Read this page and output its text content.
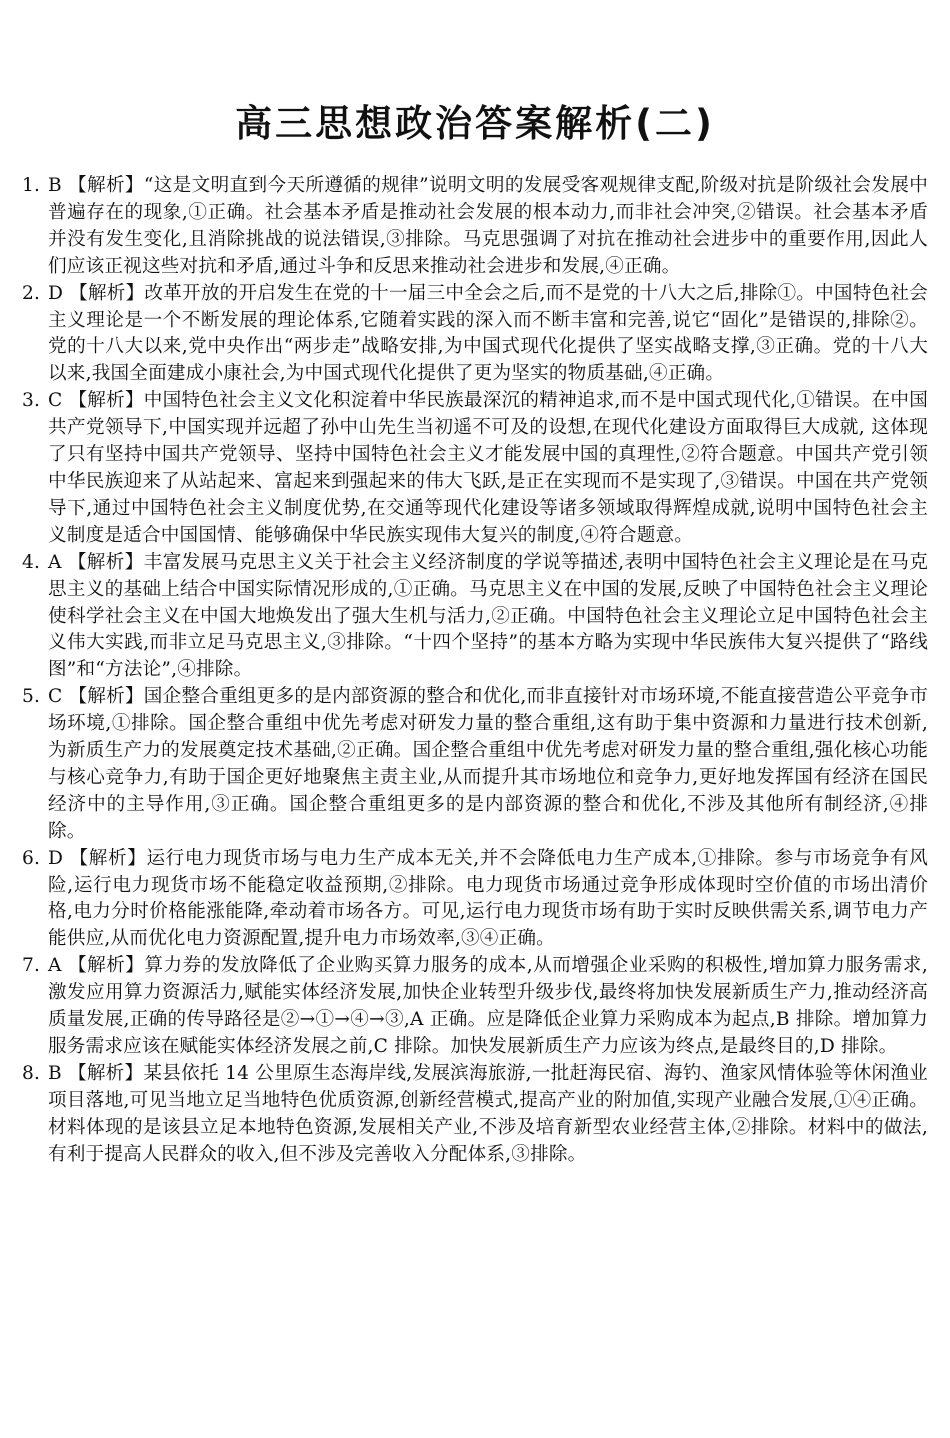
高三思想政治答案解析(二)
1. B 【解析】“这是文明直到今天所遵循的规律”说明文明的发展受客观规律支配,阶级对抗是阶级社会发展中普遍存在的现象,①正确。社会基本矛盾是推动社会发展的根本动力,而非社会冲突,②错误。社会基本矛盾并没有发生变化,且消除挑战的说法错误,③排除。马克思强调了对抗在推动社会进步中的重要作用,因此人们应该正视这些对抗和矛盾,通过斗争和反思来推动社会进步和发展,④正确。
2. D 【解析】改革开放的开启发生在党的十一届三中全会之后,而不是党的十八大之后,排除①。中国特色社会主义理论是一个不断发展的理论体系,它随着实践的深入而不断丰富和完善,说它“固化”是错误的,排除②。党的十八大以来,党中央作出“两步走”战略安排,为中国式现代化提供了坚实战略支撑,③正确。党的十八大以来,我国全面建成小康社会,为中国式现代化提供了更为坚实的物质基础,④正确。
3. C 【解析】中国特色社会主义文化积淀着中华民族最深沉的精神追求,而不是中国式现代化,①错误。在中国共产党领导下,中国实现并远超了孙中山先生当初遥不可及的设想,在现代化建设方面取得巨大成就, 这体现了只有坚持中国共产党领导、坚持中国特色社会主义才能发展中国的真理性,②符合题意。中国共产党引领中华民族迎来了从站起来、富起来到强起来的伟大飞跃,是正在实现而不是实现了,③错误。中国在共产党领导下,通过中国特色社会主义制度优势,在交通等现代化建设等诸多领域取得辉煌成就,说明中国特色社会主义制度是适合中国国情、能够确保中华民族实现伟大复兴的制度,④符合题意。
4. A 【解析】丰富发展马克思主义关于社会主义经济制度的学说等描述,表明中国特色社会主义理论是在马克思主义的基础上结合中国实际情况形成的,①正确。马克思主义在中国的发展,反映了中国特色社会主义理论使科学社会主义在中国大地焕发出了强大生机与活力,②正确。中国特色社会主义理论立足中国特色社会主义伟大实践,而非立足马克思主义,③排除。“十四个坚持”的基本方略为实现中华民族伟大复兴提供了“路线图”和“方法论”,④排除。
5. C 【解析】国企整合重组更多的是内部资源的整合和优化,而非直接针对市场环境,不能直接营造公平竞争市场环境,①排除。国企整合重组中优先考虑对研发力量的整合重组,这有助于集中资源和力量进行技术创新,为新质生产力的发展奠定技术基础,②正确。国企整合重组中优先考虑对研发力量的整合重组,强化核心功能与核心竞争力,有助于国企更好地聚焦主责主业,从而提升其市场地位和竞争力,更好地发挥国有经济在国民经济中的主导作用,③正确。国企整合重组更多的是内部资源的整合和优化,不涉及其他所有制经济,④排除。
6. D 【解析】运行电力现货市场与电力生产成本无关,并不会降低电力生产成本,①排除。参与市场竞争有风险,运行电力现货市场不能稳定收益预期,②排除。电力现货市场通过竞争形成体现时空价值的市场出清价格,电力分时价格能涨能降,牵动着市场各方。可见,运行电力现货市场有助于实时反映供需关系,调节电力产能供应,从而优化电力资源配置,提升电力市场效率,③④正确。
7. A 【解析】算力券的发放降低了企业购买算力服务的成本,从而增强企业采购的积极性,增加算力服务需求,激发应用算力资源活力,赋能实体经济发展,加快企业转型升级步伐,最终将加快发展新质生产力,推动经济高质量发展,正确的传导路径是②→①→④→③,A 正确。应是降低企业算力采购成本为起点,B 排除。增加算力服务需求应该在赋能实体经济发展之前,C 排除。加快发展新质生产力应该为终点,是最终目的,D 排除。
8. B 【解析】某县依托 14 公里原生态海岸线,发展滨海旅游,一批赶海民宿、海钓、渔家风情体验等休闲渔业项目落地,可见当地立足当地特色优质资源,创新经营模式,提高产业的附加值,实现产业融合发展,①④正确。材料体现的是该县立足本地特色资源,发展相关产业,不涉及培育新型农业经营主体,②排除。材料中的做法,有利于提高人民群众的收入,但不涉及完善收入分配体系,③排除。
